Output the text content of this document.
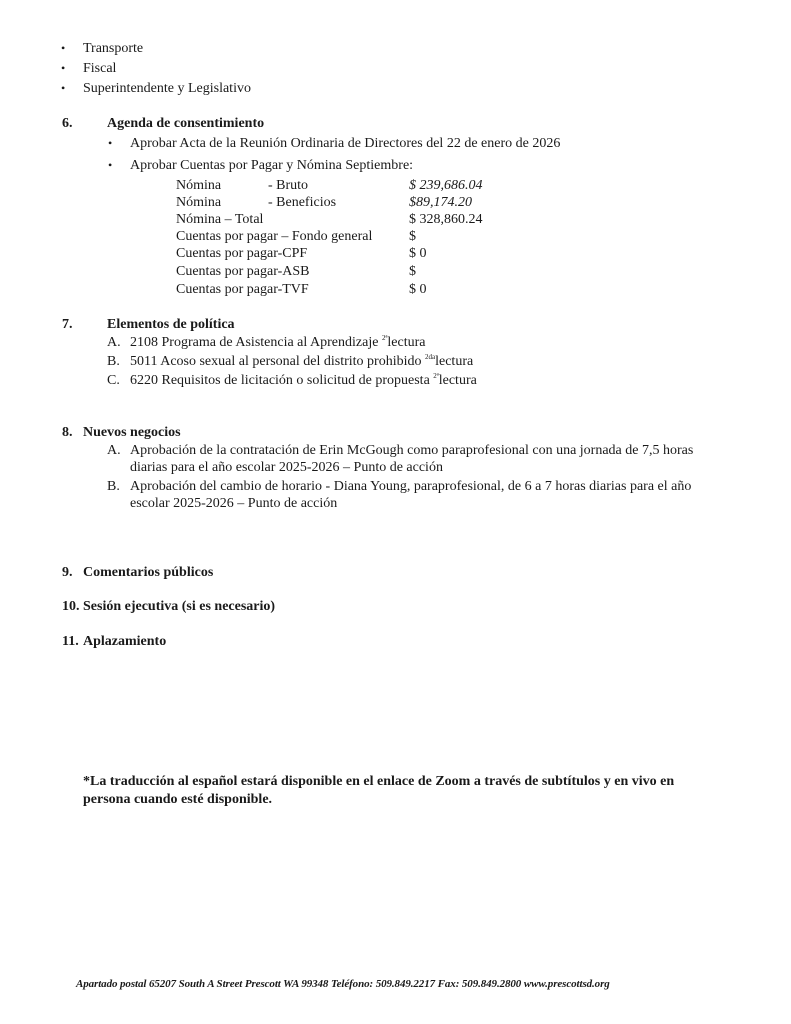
• Transporte
• Fiscal
• Superintendente y Legislativo
6. Agenda de consentimiento
• Aprobar Acta de la Reunión Ordinaria de Directores del 22 de enero de 2026
• Aprobar Cuentas por Pagar y Nómina Septiembre:
Nómina	- Bruto	$ 239,686.04
Nómina	- Beneficios	$89,174.20
Nómina – Total	$ 328,860.24
Cuentas por pagar – Fondo general	$
Cuentas por pagar-CPF	$ 0
Cuentas por pagar-ASB	$
Cuentas por pagar-TVF	$ 0
7. Elementos de política
A. 2108 Programa de Asistencia al Aprendizaje $^{2ª}$lectura
B. 5011 Acoso sexual al personal del distrito prohibido $^{2da}$lectura
C. 6220 Requisitos de licitación o solicitud de propuesta $^{2ª}$lectura
8. Nuevos negocios
A. Aprobación de la contratación de Erin McGough como paraprofesional con una jornada de 7,5 horas
diarias para el año escolar 2025-2026 – Punto de acción
B. Aprobación del cambio de horario - Diana Young, paraprofesional, de 6 a 7 horas diarias para el año
escolar 2025-2026 – Punto de acción
9. Comentarios públicos
10. Sesión ejecutiva (si es necesario)
11. Aplazamiento
*La traducción al español estará disponible en el enlace de Zoom a través de subtítulos y en vivo en
persona cuando esté disponible.
Apartado postal 65207 South A Street Prescott WA 99348 Teléfono: 509.849.2217 Fax: 509.849.2800 www.prescottsd.org
